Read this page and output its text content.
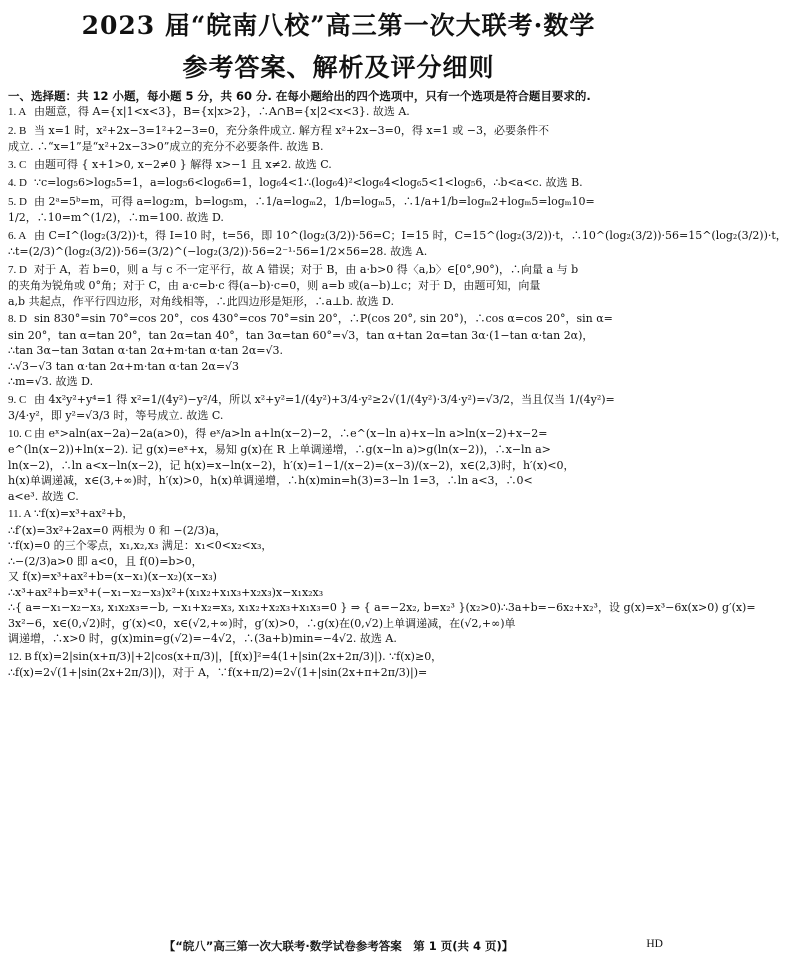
2023 届“皖南八校”高三第一次大联考·数学
参考答案、解析及评分细则
一、选择题：共 12 小题，每小题 5 分，共 60 分. 在每小题给出的四个选项中，只有一个选项是符合题目要求的.
1. A 由题意，得 A={x|1<x<3}，B={x|x>2}，∴A∩B={x|2<x<3}. 故选 A.
2. B 当 x=1 时，x²+2x−3=1²+2−3=0，充分条件成立. 解方程 x²+2x−3=0，得 x=1 或 −3，必要条件不
成立. ∴“x=1”是“x²+2x−3>0”成立的充分不必要条件. 故选 B.
3. C 由题可得 { x+1>0, x−2≠0 } 解得 x>−1 且 x≠2. 故选 C.
4. D ∵c=log₅6>log₅5=1，a=log₅6<log₆6=1，log₆4<1∴(log₆4)²<log₆4<log₆5<1<log₅6，∴b<a<c. 故选 B.
5. D 由 2ᵃ=5ᵇ=m，可得 a=log₂m，b=log₅m，∴1/a=logₘ2，1/b=logₘ5，∴1/a+1/b=logₘ2+logₘ5=logₘ10=
1/2，∴10=m^(1/2)，∴m=100. 故选 D.
6. A 由 C=I^(log₂(3/2))·t，得 I=10 时，t=56，即 10^(log₂(3/2))·56=C；I=15 时，C=15^(log₂(3/2))·t，∴10^(log₂(3/2))·56=15^(log₂(3/2))·t，
∴t=(2/3)^(log₂(3/2))·56=(3/2)^(−log₂(3/2))·56=2⁻¹·56=1/2×56=28. 故选 A.
7. D 对于 A，若 b=0，则 a 与 c 不一定平行，故 A 错误；对于 B，由 a·b>0 得〈a,b〉∈[0°,90°)，∴向量 a 与 b
的夹角为锐角或 0°角；对于 C，由 a·c=b·c 得(a−b)·c=0，则 a=b 或(a−b)⊥c；对于 D，由题可知，向量
a,b 共起点，作平行四边形，对角线相等，∴此四边形是矩形，∴a⊥b. 故选 D.
8. D sin 830°=sin 70°=cos 20°，cos 430°=cos 70°=sin 20°，∴P(cos 20°, sin 20°)，∴cos α=cos 20°，sin α=
sin 20°，tan α=tan 20°，tan 2α=tan 40°，tan 3α=tan 60°=√3，tan α+tan 2α=tan 3α·(1−tan α·tan 2α)，
∴tan 3α−tan 3αtan α·tan 2α+m·tan α·tan 2α=√3.
∴√3−√3 tan α·tan 2α+m·tan α·tan 2α=√3
∴m=√3. 故选 D.
9. C 由 4x²y²+y⁴=1 得 x²=1/(4y²)−y²/4，所以 x²+y²=1/(4y²)+3/4·y²≥2√(1/(4y²)·3/4·y²)=√3/2，当且仅当 1/(4y²)=
3/4·y²，即 y²=√3/3 时，等号成立. 故选 C.
10. C 由 eˣ>aln(ax−2a)−2a(a>0)，得 eˣ/a>ln a+ln(x−2)−2，∴e^(x−ln a)+x−ln a>ln(x−2)+x−2=
e^(ln(x−2))+ln(x−2). 记 g(x)=eˣ+x，易知 g(x)在 R 上单调递增，∴g(x−ln a)>g(ln(x−2))，∴x−ln a>
ln(x−2)，∴ln a<x−ln(x−2)，记 h(x)=x−ln(x−2)，h′(x)=1−1/(x−2)=(x−3)/(x−2)，x∈(2,3)时，h′(x)<0，
h(x)单调递减，x∈(3,+∞)时，h′(x)>0，h(x)单调递增，∴h(x)min=h(3)=3−ln 1=3，∴ln a<3，∴0<
a<e³. 故选 C.
11. A ∵f(x)=x³+ax²+b，
∴f′(x)=3x²+2ax=0 两根为 0 和 −(2/3)a，
∵f(x)=0 的三个零点，x₁,x₂,x₃ 满足：x₁<0<x₂<x₃，
∴−(2/3)a>0 即 a<0，且 f(0)=b>0，
又 f(x)=x³+ax²+b=(x−x₁)(x−x₂)(x−x₃)
∴x³+ax²+b=x³+(−x₁−x₂−x₃)x²+(x₁x₂+x₁x₃+x₂x₃)x−x₁x₂x₃
∴{ a=−x₁−x₂−x₃, x₁x₂x₃=−b, −x₁+x₂=x₃, x₁x₂+x₂x₃+x₁x₃=0 } ⇒ { a=−2x₂, b=x₂³ }(x₂>0)∴3a+b=−6x₂+x₂³，设 g(x)=x³−6x(x>0) g′(x)=
3x²−6，x∈(0,√2)时，g′(x)<0，x∈(√2,+∞)时，g′(x)>0，∴g(x)在(0,√2)上单调递减，在(√2,+∞)单
调递增，∴x>0 时，g(x)min=g(√2)=−4√2，∴(3a+b)min=−4√2. 故选 A.
12. B f(x)=2|sin(x+π/3)|+2|cos(x+π/3)|，[f(x)]²=4(1+|sin(2x+2π/3)|). ∵f(x)≥0，
∴f(x)=2√(1+|sin(2x+2π/3)|)，对于 A，∵f(x+π/2)=2√(1+|sin(2x+π+2π/3)|)=
【“皖八”高三第一次大联考·数学试卷参考答案　第 1 页(共 4 页)】	HD
